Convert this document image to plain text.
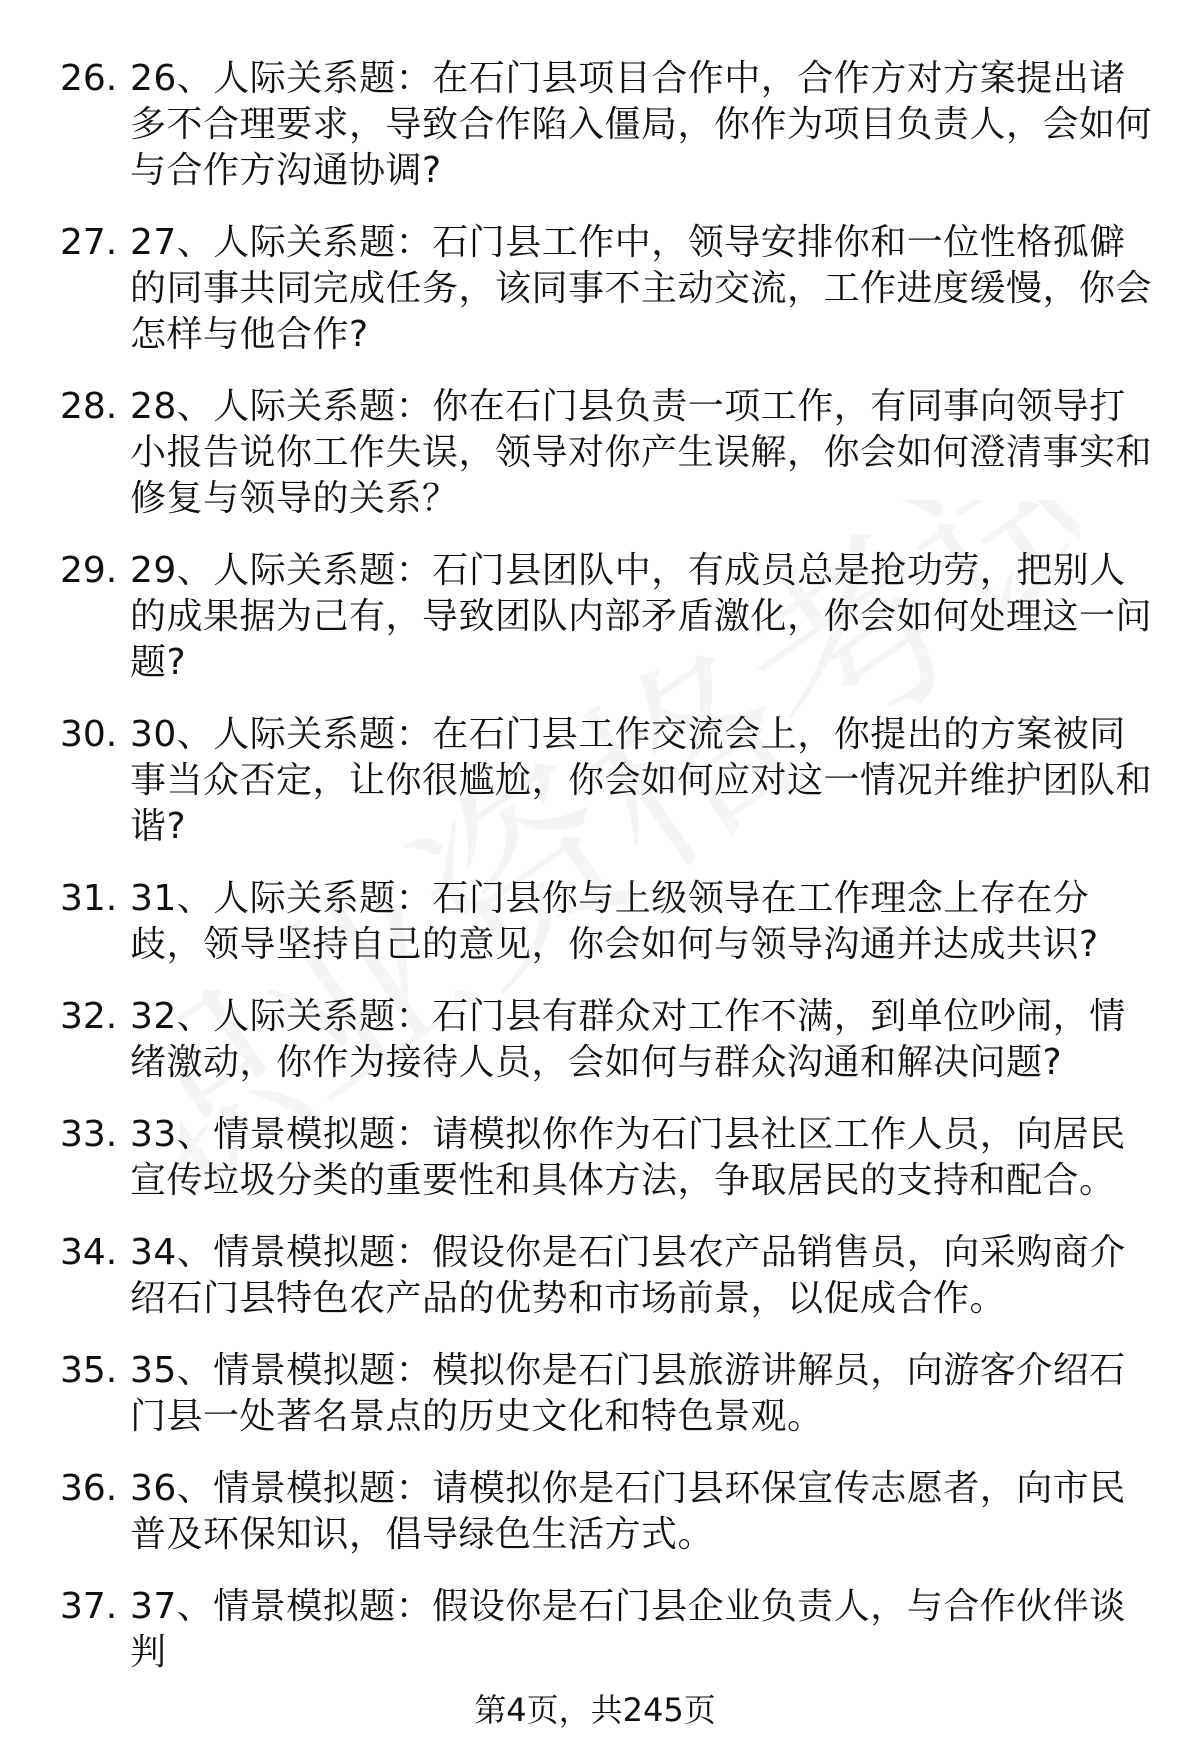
职业资格考试
26. 26、人际关系题：在石门县项目合作中，合作方对方案提出诸多不合理要求，导致合作陷入僵局，你作为项目负责人，会如何与合作方沟通协调?
27. 27、人际关系题：石门县工作中，领导安排你和一位性格孤僻的同事共同完成任务，该同事不主动交流，工作进度缓慢，你会怎样与他合作?
28. 28、人际关系题：你在石门县负责一项工作，有同事向领导打小报告说你工作失误，领导对你产生误解，你会如何澄清事实和修复与领导的关系？
29. 29、人际关系题：石门县团队中，有成员总是抢功劳，把别人的成果据为己有，导致团队内部矛盾激化，你会如何处理这一问题?
30. 30、人际关系题：在石门县工作交流会上，你提出的方案被同事当众否定，让你很尴尬，你会如何应对这一情况并维护团队和谐?
31. 31、人际关系题：石门县你与上级领导在工作理念上存在分歧，领导坚持自己的意见，你会如何与领导沟通并达成共识?
32. 32、人际关系题：石门县有群众对工作不满，到单位吵闹，情绪激动，你作为接待人员，会如何与群众沟通和解决问题?
33. 33、情景模拟题：请模拟你作为石门县社区工作人员，向居民宣传垃圾分类的重要性和具体方法，争取居民的支持和配合。
34. 34、情景模拟题：假设你是石门县农产品销售员，向采购商介绍石门县特色农产品的优势和市场前景，以促成合作。
35. 35、情景模拟题：模拟你是石门县旅游讲解员，向游客介绍石门县一处著名景点的历史文化和特色景观。
36. 36、情景模拟题：请模拟你是石门县环保宣传志愿者，向市民普及环保知识，倡导绿色生活方式。
37. 37、情景模拟题：假设你是石门县企业负责人，与合作伙伴谈判
第4页，共245页
